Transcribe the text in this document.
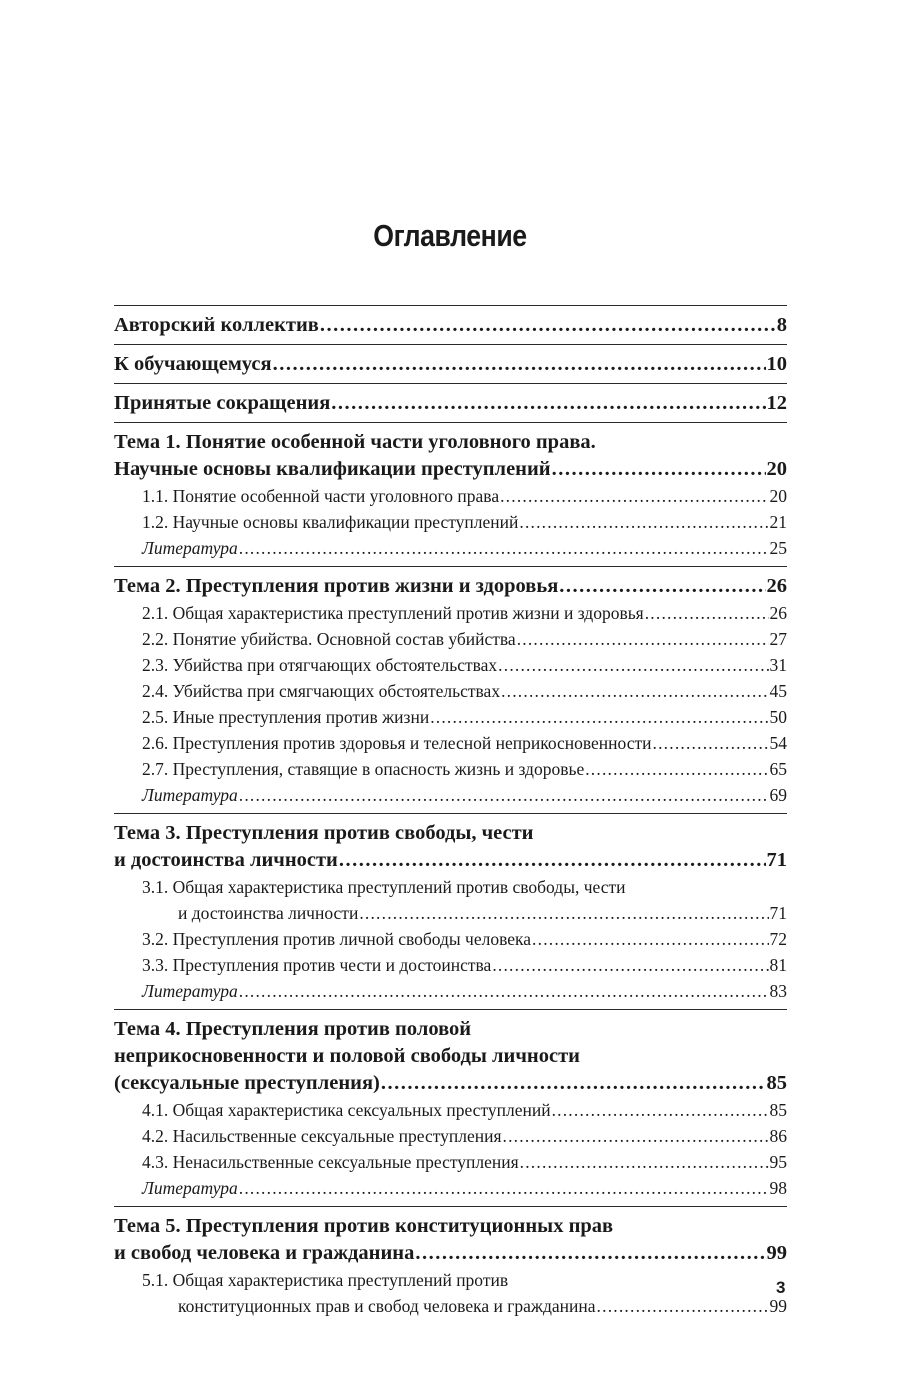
Оглавление
Авторский коллектив .....	8
К обучающемуся .....	10
Принятые сокращения .....	12
Тема 1. Понятие особенной части уголовного права.
Научные основы квалификации преступлений .....	20
1.1. Понятие особенной части уголовного права .....	20
1.2. Научные основы квалификации преступлений .....	21
Литература .....	25
Тема 2. Преступления против жизни и здоровья .....	26
2.1. Общая характеристика преступлений против жизни и здоровья .....	26
2.2. Понятие убийства. Основной состав убийства .....	27
2.3. Убийства при отягчающих обстоятельствах .....	31
2.4. Убийства при смягчающих обстоятельствах .....	45
2.5. Иные преступления против жизни .....	50
2.6. Преступления против здоровья и телесной неприкосновенности .....	54
2.7. Преступления, ставящие в опасность жизнь и здоровье .....	65
Литература .....	69
Тема 3. Преступления против свободы, чести
и достоинства личности .....	71
3.1. Общая характеристика преступлений против свободы, чести
и достоинства личности .....	71
3.2. Преступления против личной свободы человека .....	72
3.3. Преступления против чести и достоинства .....	81
Литература .....	83
Тема 4. Преступления против половой
неприкосновенности и половой свободы личности
(сексуальные преступления) .....	85
4.1. Общая характеристика сексуальных преступлений .....	85
4.2. Насильственные сексуальные преступления .....	86
4.3. Ненасильственные сексуальные преступления .....	95
Литература .....	98
Тема 5. Преступления против конституционных прав
и свобод человека и гражданина .....	99
5.1. Общая характеристика преступлений против
конституционных прав и свобод человека и гражданина .....	99
3
